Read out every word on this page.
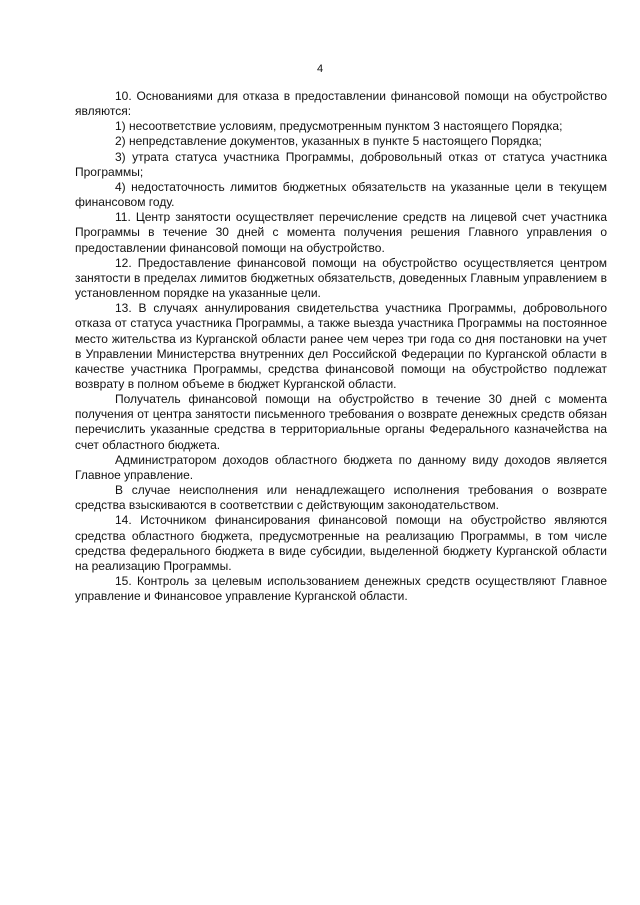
4

10. Основаниями для отказа в предоставлении финансовой помощи на обустройство являются:

1) несоответствие условиям, предусмотренным пунктом 3 настоящего Порядка;

2) непредставление документов, указанных в пункте 5 настоящего Порядка;

3) утрата статуса участника Программы, добровольный отказ от статуса участника Программы;

4) недостаточность лимитов бюджетных обязательств на указанные цели в текущем финансовом году.

11. Центр занятости осуществляет перечисление средств на лицевой счет участника Программы в течение 30 дней с момента получения решения Главного управления о предоставлении финансовой помощи на обустройство.

12. Предоставление финансовой помощи на обустройство осуществляется центром занятости в пределах лимитов бюджетных обязательств, доведенных Главным управлением в установленном порядке на указанные цели.

13. В случаях аннулирования свидетельства участника Программы, добровольного отказа от статуса участника Программы, а также выезда участника Программы на постоянное место жительства из Курганской области ранее чем через три года со дня постановки на учет в Управлении Министерства внутренних дел Российской Федерации по Курганской области в качестве участника Программы, средства финансовой помощи на обустройство подлежат возврату в полном объеме в бюджет Курганской области.

Получатель финансовой помощи на обустройство в течение 30 дней с момента получения от центра занятости письменного требования о возврате денежных средств обязан перечислить указанные средства в территориальные органы Федерального казначейства на счет областного бюджета.

Администратором доходов областного бюджета по данному виду доходов является Главное управление.

В случае неисполнения или ненадлежащего исполнения требования о возврате средства взыскиваются в соответствии с действующим законодательством.

14. Источником финансирования финансовой помощи на обустройство являются средства областного бюджета, предусмотренные на реализацию Программы, в том числе средства федерального бюджета в виде субсидии, выделенной бюджету Курганской области на реализацию Программы.

15. Контроль за целевым использованием денежных средств осуществляют Главное управление и Финансовое управление Курганской области.
